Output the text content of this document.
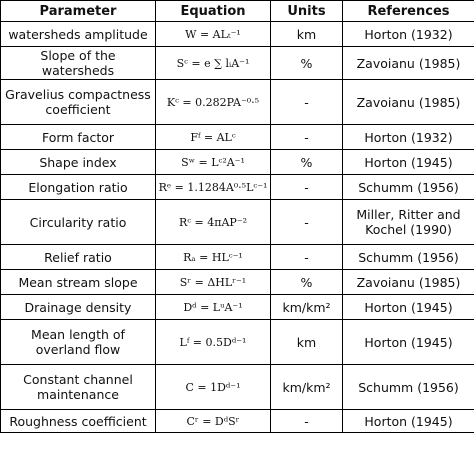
Parameter	Equation	Units	References
watersheds amplitude	W = ALₜ⁻¹	km	Horton (1932)
Slope of the watersheds	Sᶜ = e ∑ lᵢA⁻¹	%	Zavoianu (1985)
Gravelius compactness coefficient	Kᶜ = 0.282PA⁻⁰·⁵	-	Zavoianu (1985)
Form factor	Fᶠ = ALᶜ	-	Horton (1932)
Shape index	Sʷ = Lᶜ²A⁻¹	%	Horton (1945)
Elongation ratio	Rᵉ = 1.1284A⁰·⁵Lᶜ⁻¹	-	Schumm (1956)
Circularity ratio	Rᶜ = 4πAP⁻²	-	Miller, Ritter and Kochel (1990)
Relief ratio	Rₐ = HLᶜ⁻¹	-	Schumm (1956)
Mean stream slope	Sʳ = ΔHLʳ⁻¹	%	Zavoianu (1985)
Drainage density	Dᵈ = LᵘA⁻¹	km/km²	Horton (1945)
Mean length of overland flow	Lᶠ = 0.5Dᵈ⁻¹	km	Horton (1945)
Constant channel maintenance	C = 1Dᵈ⁻¹	km/km²	Schumm (1956)
Roughness coefficient	Cʳ = DᵈSʳ	-	Horton (1945)
